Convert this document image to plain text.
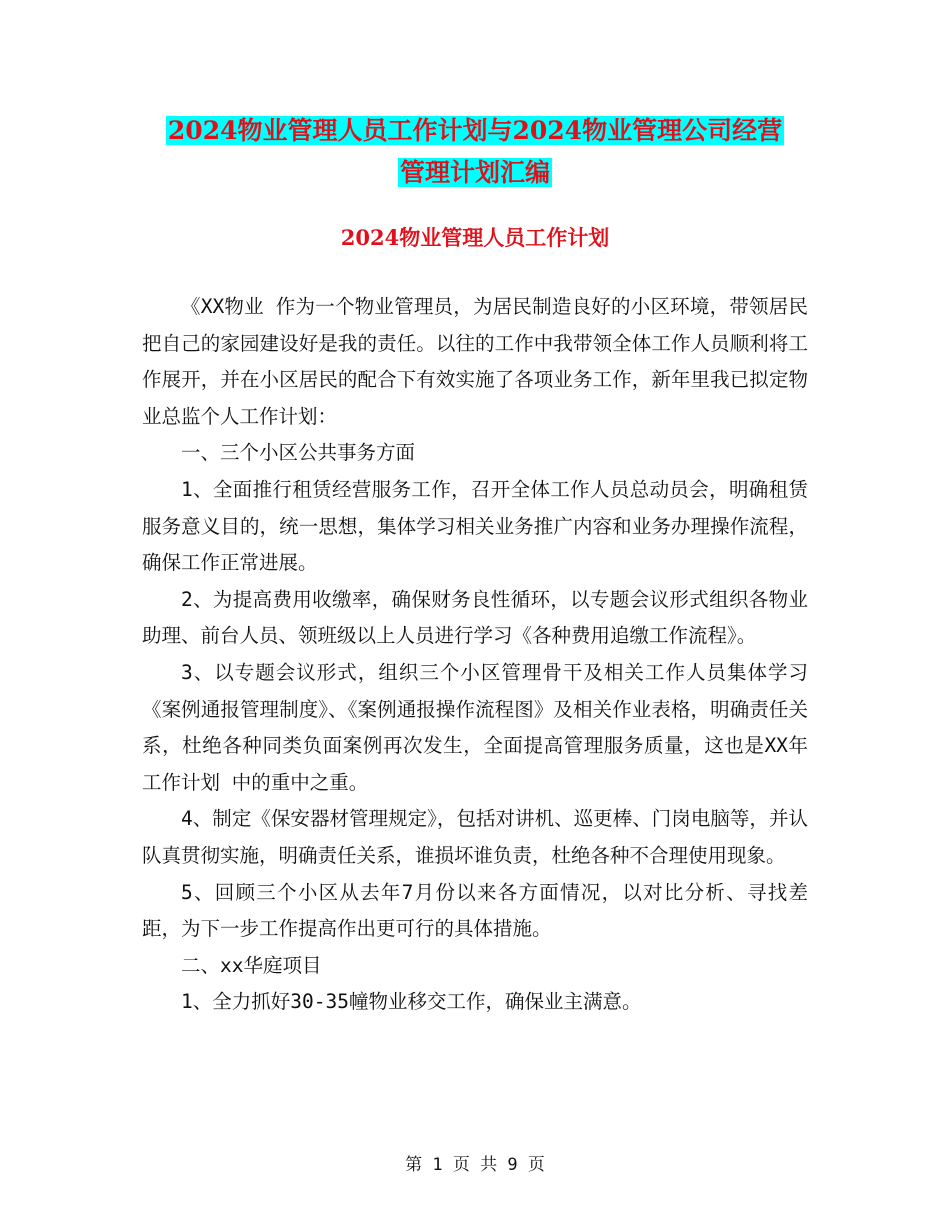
2024物业管理人员工作计划与2024物业管理公司经营
管理计划汇编
2024物业管理人员工作计划

《XX物业 作为一个物业管理员，为居民制造良好的小区环境，带领居民把自己的家园建设好是我的责任。以往的工作中我带领全体工作人员顺利将工作展开，并在小区居民的配合下有效实施了各项业务工作，新年里我已拟定物业总监个人工作计划：

一、三个小区公共事务方面

1、全面推行租赁经营服务工作，召开全体工作人员总动员会，明确租赁服务意义目的，统一思想，集体学习相关业务推广内容和业务办理操作流程，确保工作正常进展。

2、为提高费用收缴率，确保财务良性循环，以专题会议形式组织各物业助理、前台人员、领班级以上人员进行学习《各种费用追缴工作流程》。

3、以专题会议形式，组织三个小区管理骨干及相关工作人员集体学习《案例通报管理制度》、《案例通报操作流程图》及相关作业表格，明确责任关系，杜绝各种同类负面案例再次发生，全面提高管理服务质量，这也是XX年 工作计划 中的重中之重。

4、制定《保安器材管理规定》，包括对讲机、巡更棒、门岗电脑等，并认队真贯彻实施，明确责任关系，谁损坏谁负责，杜绝各种不合理使用现象。

5、回顾三个小区从去年7月份以来各方面情况，以对比分析、寻找差距，为下一步工作提高作出更可行的具体措施。

二、xx华庭项目

1、全力抓好30-35幢物业移交工作，确保业主满意。

第 1 页 共 9 页
